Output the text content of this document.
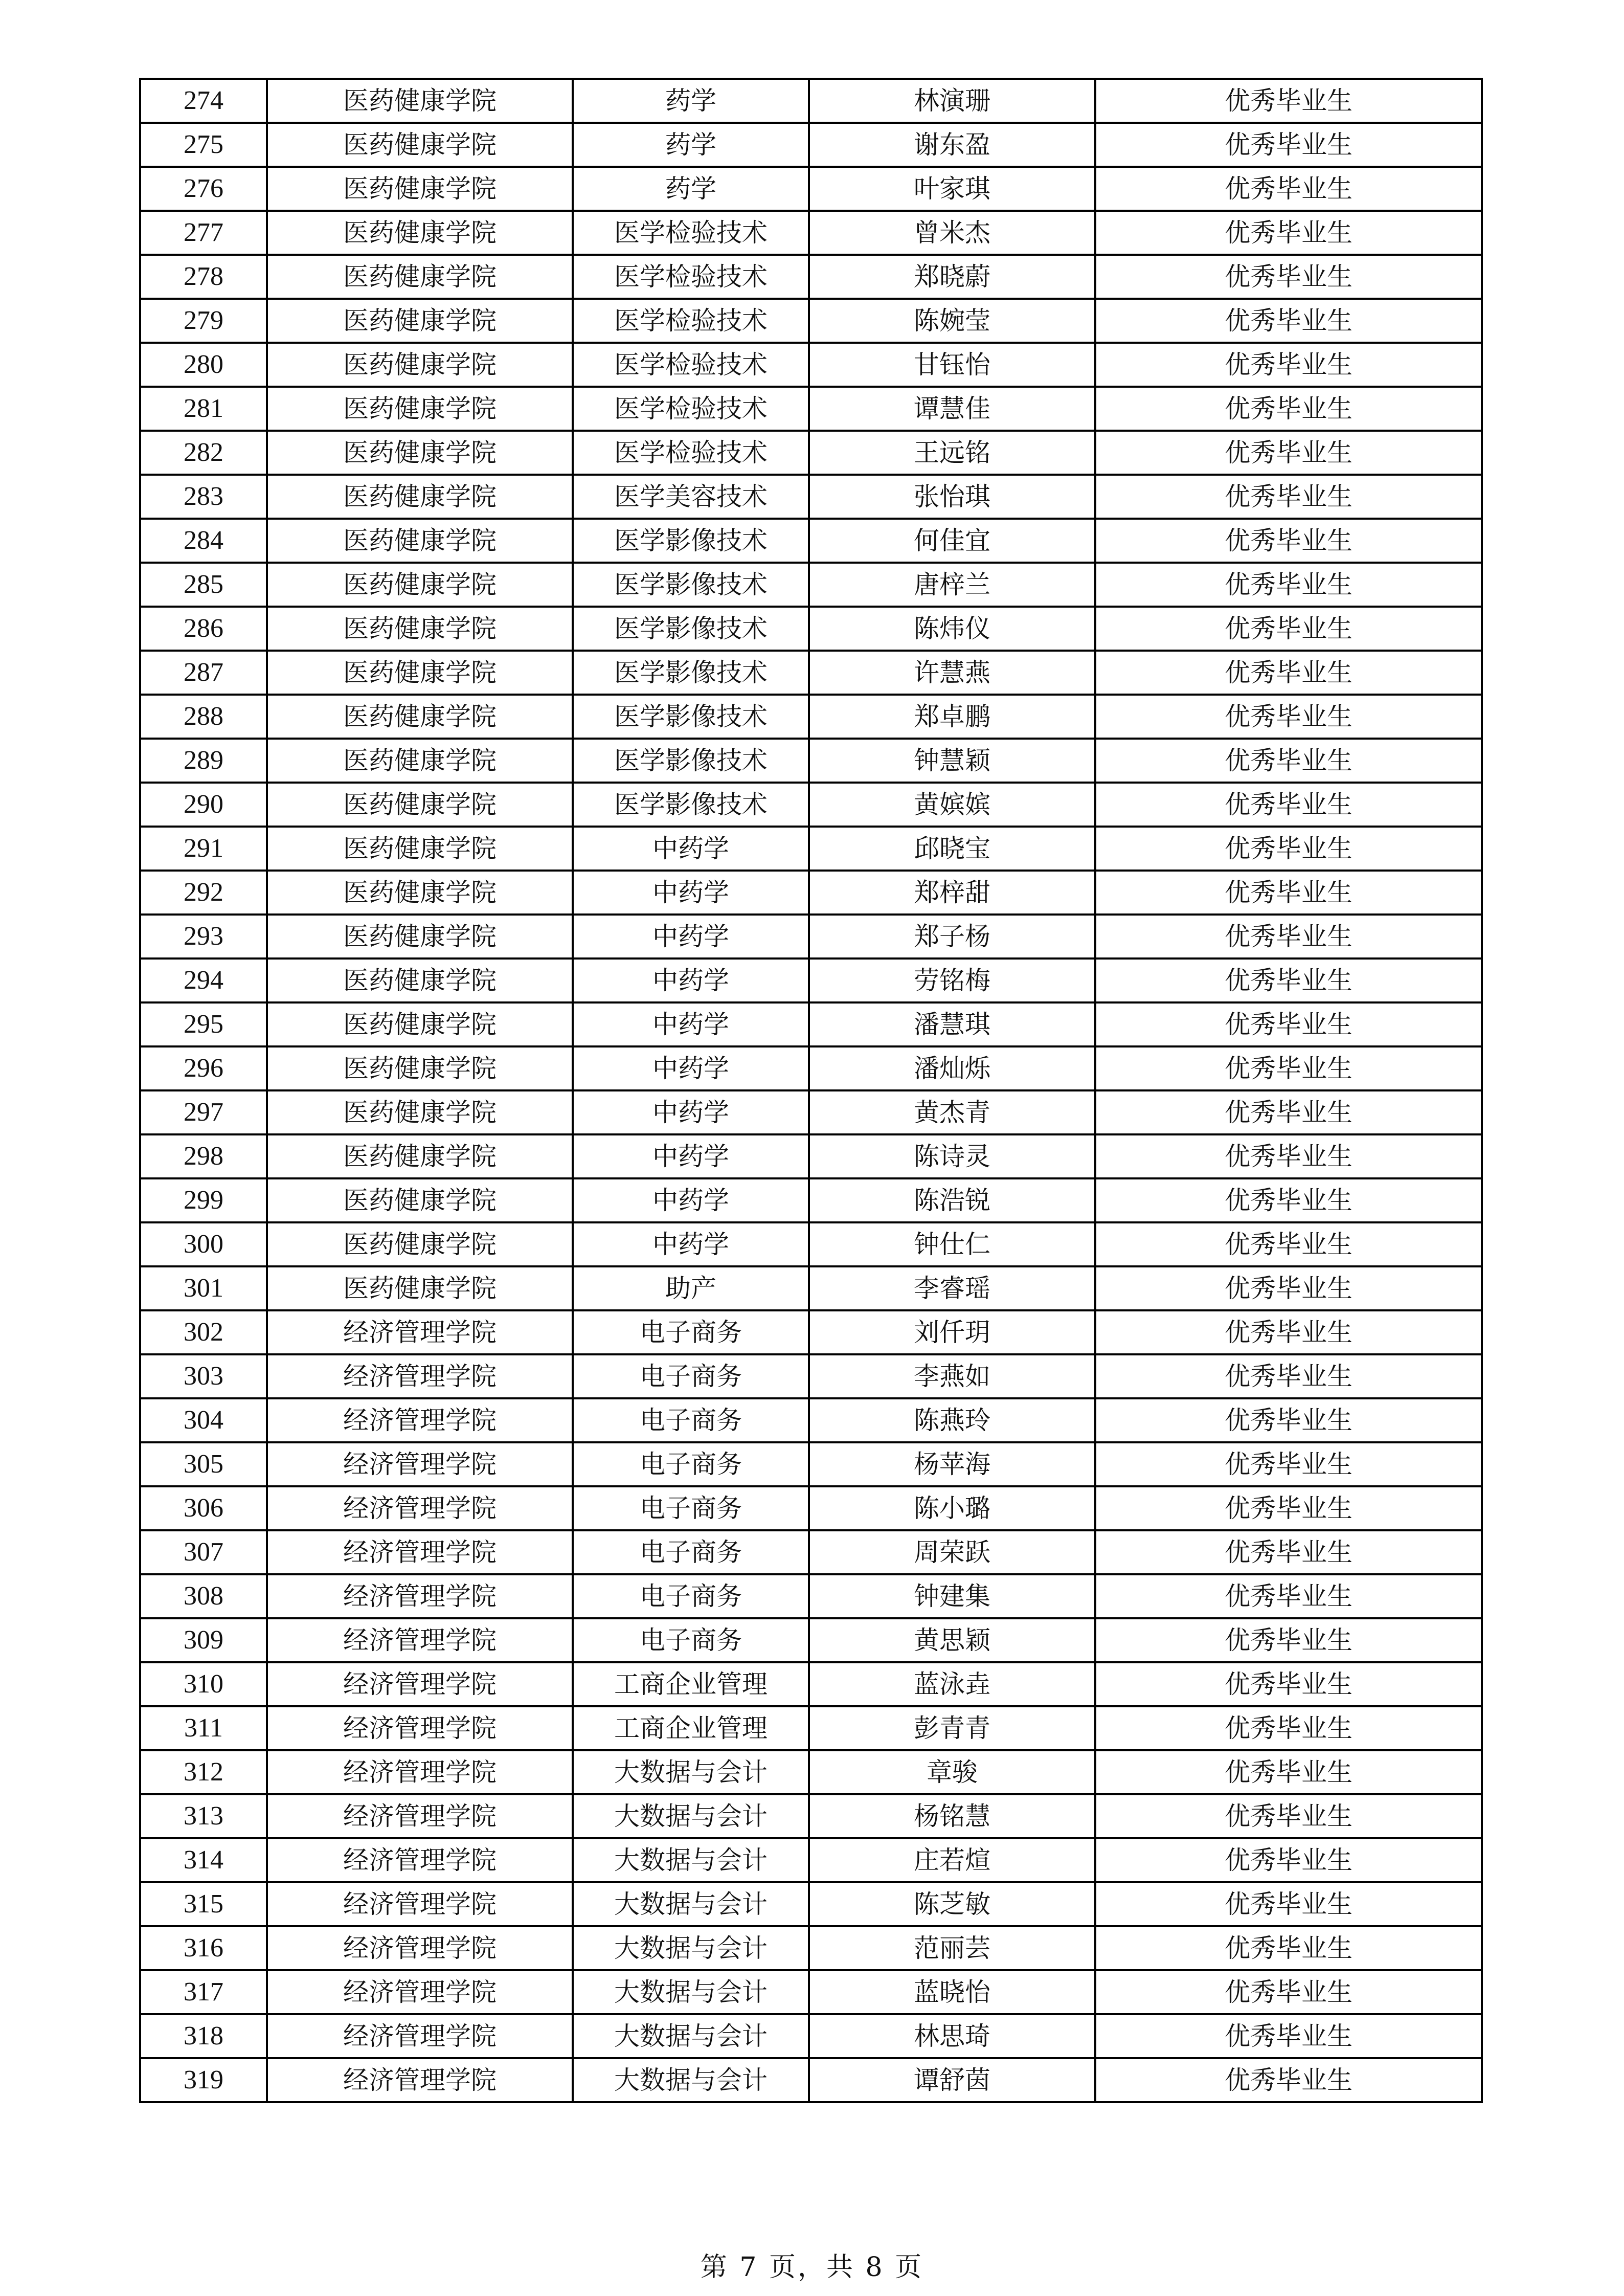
274	医药健康学院	药学	林演珊	优秀毕业生
275	医药健康学院	药学	谢东盈	优秀毕业生
276	医药健康学院	药学	叶家琪	优秀毕业生
277	医药健康学院	医学检验技术	曾米杰	优秀毕业生
278	医药健康学院	医学检验技术	郑晓蔚	优秀毕业生
279	医药健康学院	医学检验技术	陈婉莹	优秀毕业生
280	医药健康学院	医学检验技术	甘钰怡	优秀毕业生
281	医药健康学院	医学检验技术	谭慧佳	优秀毕业生
282	医药健康学院	医学检验技术	王远铭	优秀毕业生
283	医药健康学院	医学美容技术	张怡琪	优秀毕业生
284	医药健康学院	医学影像技术	何佳宜	优秀毕业生
285	医药健康学院	医学影像技术	唐梓兰	优秀毕业生
286	医药健康学院	医学影像技术	陈炜仪	优秀毕业生
287	医药健康学院	医学影像技术	许慧燕	优秀毕业生
288	医药健康学院	医学影像技术	郑卓鹏	优秀毕业生
289	医药健康学院	医学影像技术	钟慧颖	优秀毕业生
290	医药健康学院	医学影像技术	黄嫔嫔	优秀毕业生
291	医药健康学院	中药学	邱晓宝	优秀毕业生
292	医药健康学院	中药学	郑梓甜	优秀毕业生
293	医药健康学院	中药学	郑子杨	优秀毕业生
294	医药健康学院	中药学	劳铭梅	优秀毕业生
295	医药健康学院	中药学	潘慧琪	优秀毕业生
296	医药健康学院	中药学	潘灿烁	优秀毕业生
297	医药健康学院	中药学	黄杰青	优秀毕业生
298	医药健康学院	中药学	陈诗灵	优秀毕业生
299	医药健康学院	中药学	陈浩锐	优秀毕业生
300	医药健康学院	中药学	钟仕仁	优秀毕业生
301	医药健康学院	助产	李睿瑶	优秀毕业生
302	经济管理学院	电子商务	刘仟玥	优秀毕业生
303	经济管理学院	电子商务	李燕如	优秀毕业生
304	经济管理学院	电子商务	陈燕玲	优秀毕业生
305	经济管理学院	电子商务	杨苹海	优秀毕业生
306	经济管理学院	电子商务	陈小璐	优秀毕业生
307	经济管理学院	电子商务	周荣跃	优秀毕业生
308	经济管理学院	电子商务	钟建集	优秀毕业生
309	经济管理学院	电子商务	黄思颖	优秀毕业生
310	经济管理学院	工商企业管理	蓝泳垚	优秀毕业生
311	经济管理学院	工商企业管理	彭青青	优秀毕业生
312	经济管理学院	大数据与会计	章骏	优秀毕业生
313	经济管理学院	大数据与会计	杨铭慧	优秀毕业生
314	经济管理学院	大数据与会计	庄若煊	优秀毕业生
315	经济管理学院	大数据与会计	陈芝敏	优秀毕业生
316	经济管理学院	大数据与会计	范丽芸	优秀毕业生
317	经济管理学院	大数据与会计	蓝晓怡	优秀毕业生
318	经济管理学院	大数据与会计	林思琦	优秀毕业生
319	经济管理学院	大数据与会计	谭舒茵	优秀毕业生
第 7 页，共 8 页
